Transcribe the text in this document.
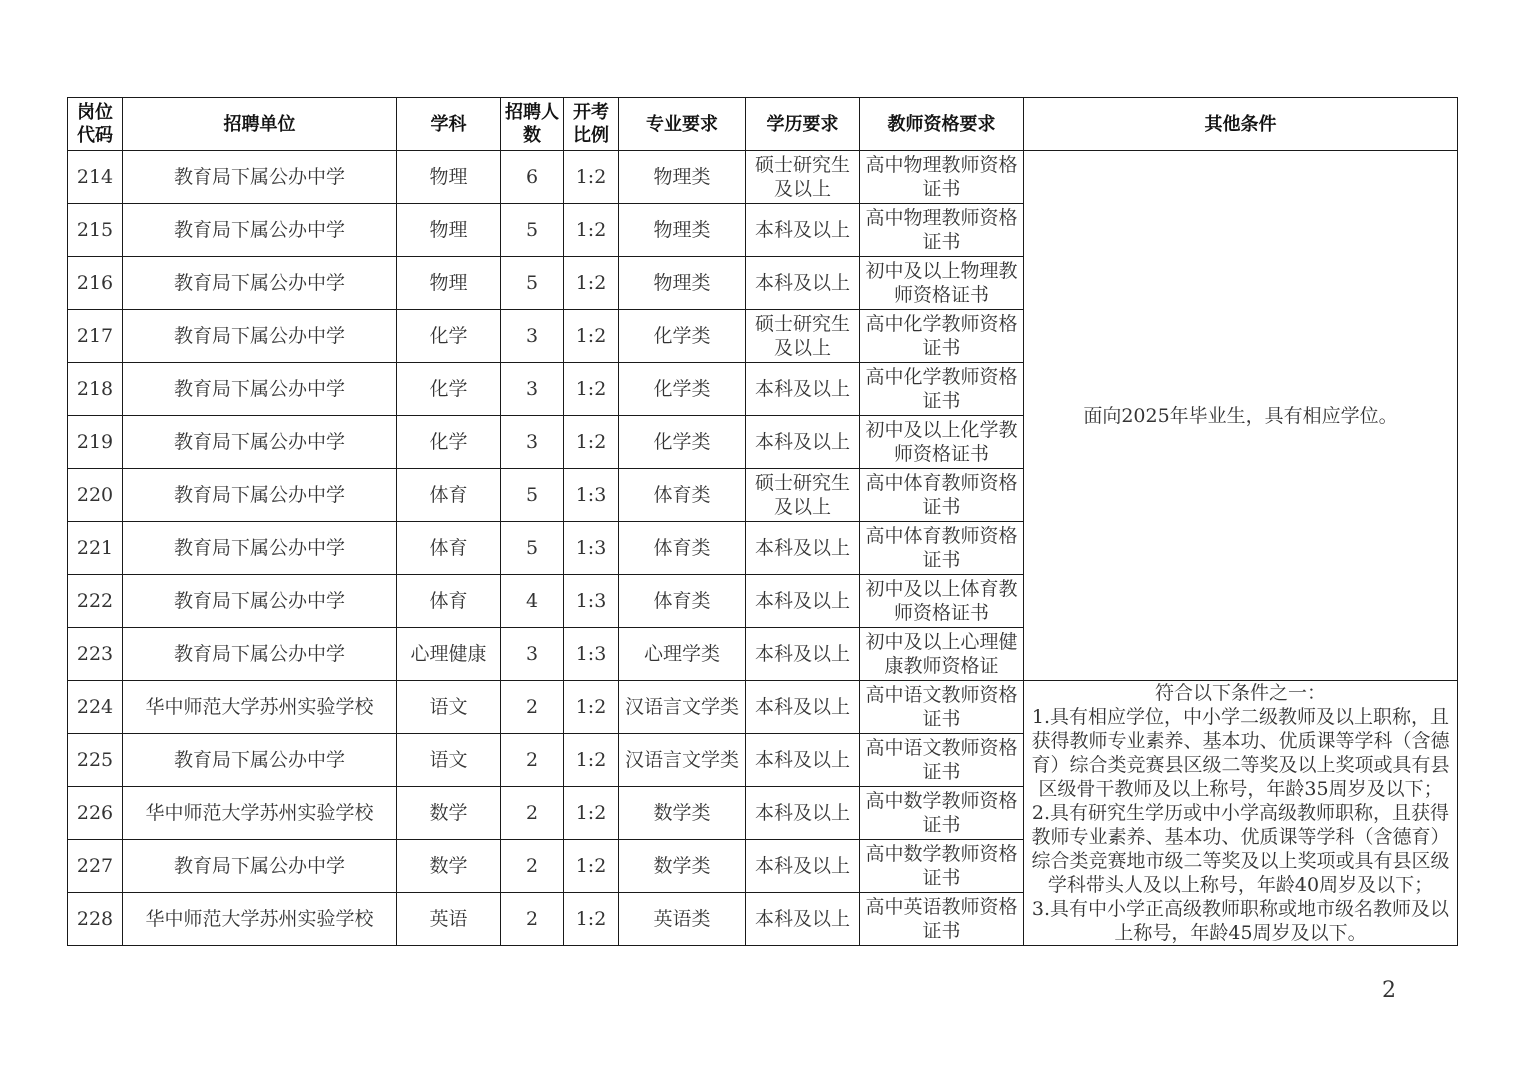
岗位代码	招聘单位	学科	招聘人数	开考比例	专业要求	学历要求	教师资格要求	其他条件
214	教育局下属公办中学	物理	6	1:2	物理类	硕士研究生及以上	高中物理教师资格证书	面向2025年毕业生，具有相应学位。

215	教育局下属公办中学	物理	5	1:2	物理类	本科及以上	高中物理教师资格证书	
216	教育局下属公办中学	物理	5	1:2	物理类	本科及以上	初中及以上物理教师资格证书	
217	教育局下属公办中学	化学	3	1:2	化学类	硕士研究生及以上	高中化学教师资格证书	
218	教育局下属公办中学	化学	3	1:2	化学类	本科及以上	高中化学教师资格证书	
219	教育局下属公办中学	化学	3	1:2	化学类	本科及以上	初中及以上化学教师资格证书	
220	教育局下属公办中学	体育	5	1:3	体育类	硕士研究生及以上	高中体育教师资格证书	
221	教育局下属公办中学	体育	5	1:3	体育类	本科及以上	高中体育教师资格证书	
222	教育局下属公办中学	体育	4	1:3	体育类	本科及以上	初中及以上体育教师资格证书	
223	教育局下属公办中学	心理健康	3	1:3	心理学类	本科及以上	初中及以上心理健康教师资格证	
224	华中师范大学苏州实验学校	语文	2	1:2	汉语言文学类	本科及以上	高中语文教师资格证书	符合以下条件之一：
1.具有相应学位，中小学二级教师及以上职称，且获得教师专业素养、基本功、优质课等学科（含德育）综合类竞赛县区级二等奖及以上奖项或具有县区级骨干教师及以上称号，年龄35周岁及以下；
2.具有研究生学历或中小学高级教师职称，且获得教师专业素养、基本功、优质课等学科（含德育）综合类竞赛地市级二等奖及以上奖项或具有县区级学科带头人及以上称号，年龄40周岁及以下；
3.具有中小学正高级教师职称或地市级名教师及以上称号，年龄45周岁及以下。

225	教育局下属公办中学	语文	2	1:2	汉语言文学类	本科及以上	高中语文教师资格证书	
226	华中师范大学苏州实验学校	数学	2	1:2	数学类	本科及以上	高中数学教师资格证书	
227	教育局下属公办中学	数学	2	1:2	数学类	本科及以上	高中数学教师资格证书	
228	华中师范大学苏州实验学校	英语	2	1:2	英语类	本科及以上	高中英语教师资格证书	
2
